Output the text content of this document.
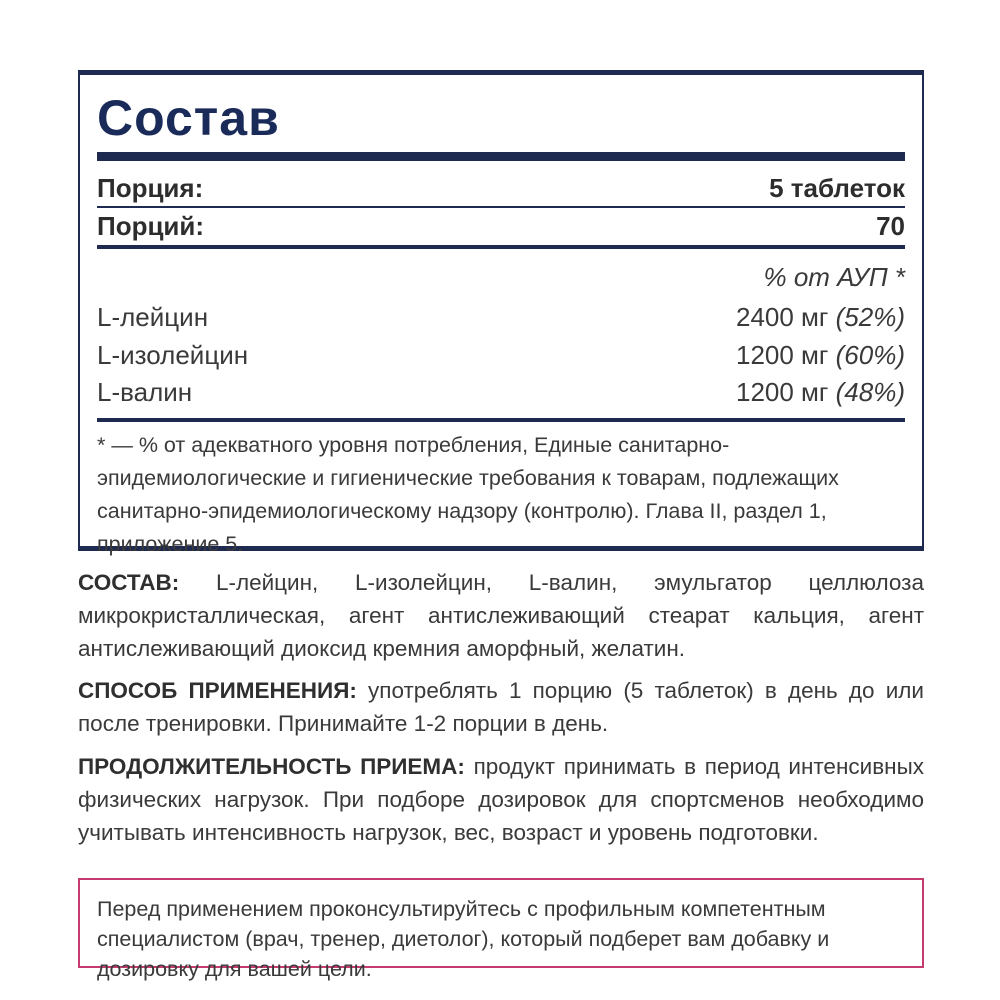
Состав
Порция:	5 таблеток
Порций:	70
% от АУП *
L-лейцин	2400 мг (52%)
L-изолейцин	1200 мг (60%)
L-валин	1200 мг (48%)

* — % от адекватного уровня потребления, Единые санитарно-эпидемиологические и гигиенические требования к товарам, подлежащих санитарно-эпидемиологическому надзору (контролю). Глава II, раздел 1, приложение 5.

СОСТАВ: L-лейцин, L-изолейцин, L-валин, эмульгатор целлюлоза микрокристаллическая, агент антислеживающий стеарат кальция, агент антислеживающий диоксид кремния аморфный, желатин.

СПОСОБ ПРИМЕНЕНИЯ: употреблять 1 порцию (5 таблеток) в день до или после тренировки. Принимайте 1-2 порции в день.

ПРОДОЛЖИТЕЛЬНОСТЬ ПРИЕМА: продукт принимать в период интенсивных физических нагрузок. При подборе дозировок для спортсменов необходимо учитывать интенсивность нагрузок, вес, возраст и уровень подготовки.

Перед применением проконсультируйтесь с профильным компетентным специалистом (врач, тренер, диетолог), который подберет вам добавку и дозировку для вашей цели.
